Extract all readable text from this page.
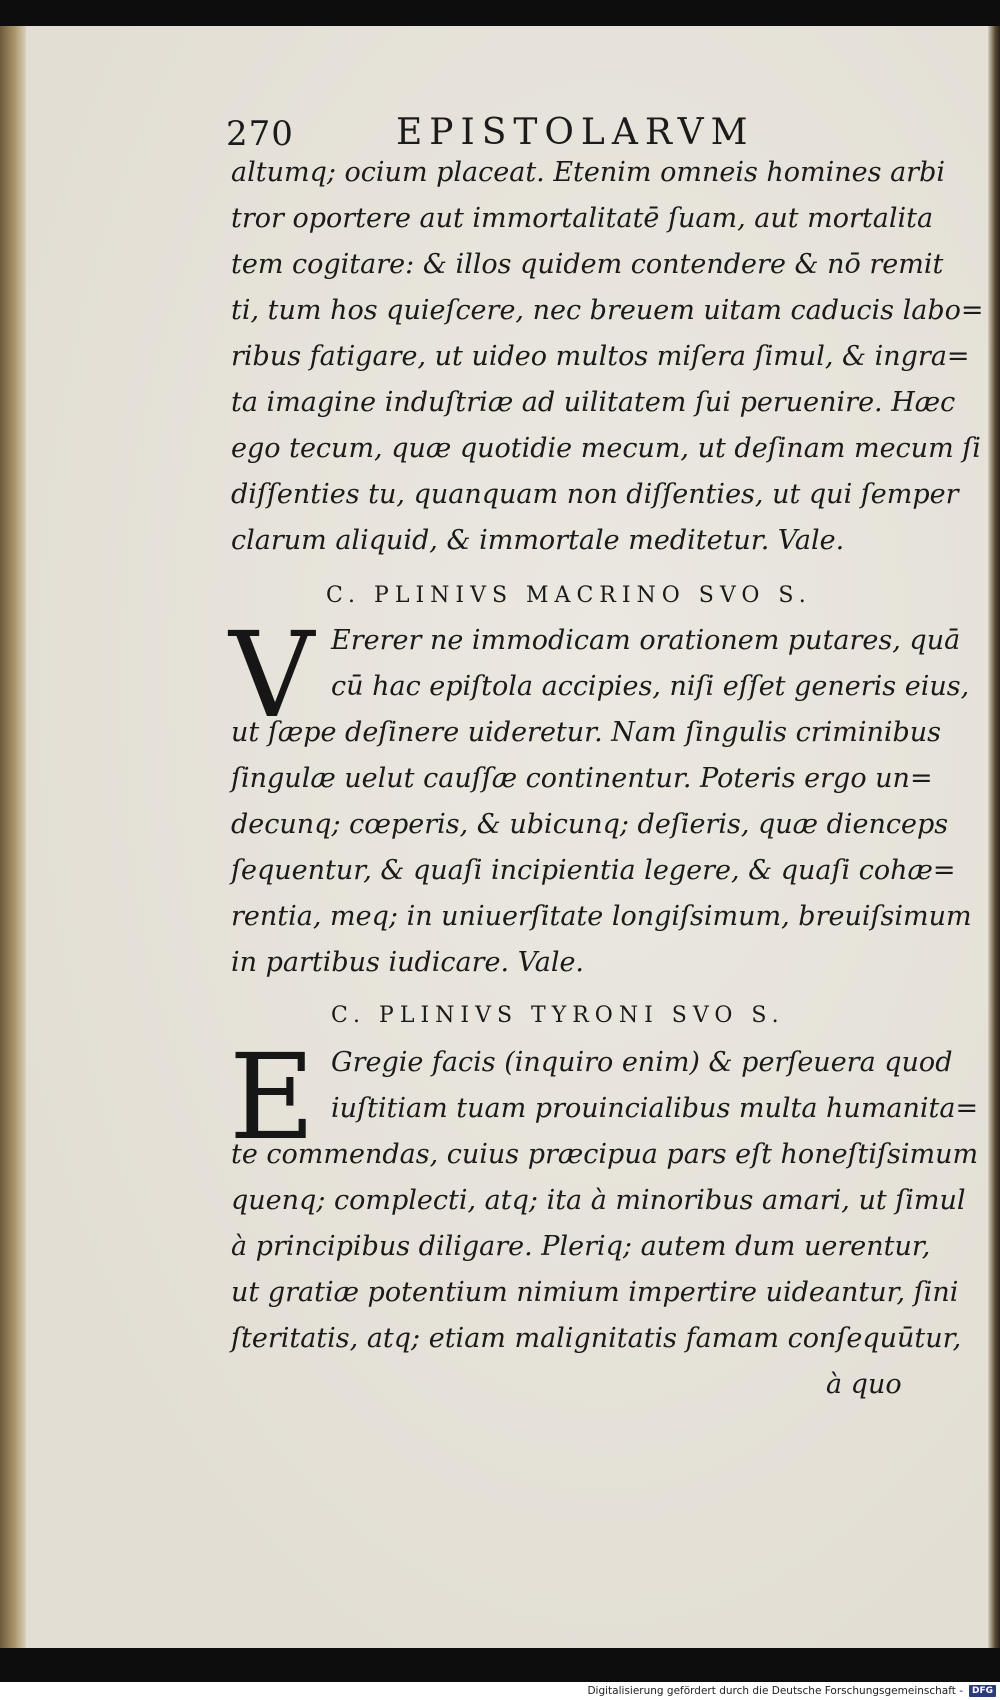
270	EPISTOLARVM
altumq; ocium placeat. Etenim omneis homines arbi
tror oportere aut immortalitatē ſuam, aut mortalita
tem cogitare: & illos quidem contendere & nō remit
ti, tum hos quieſcere, nec breuem uitam caducis labo=
ribus fatigare, ut uideo multos miſera ſimul, & ingra=
ta imagine induſtriæ ad uilitatem ſui peruenire. Hæc
ego tecum, quæ quotidie mecum, ut deſinam mecum ſi
diſſenties tu, quanquam non diſſenties, ut qui ſemper
clarum aliquid, & immortale meditetur. Vale.
C. PLINIVS MACRINO SVO S.
V Ererer ne immodicam orationem putares, quā
cū hac epiſtola accipies, niſi eſſet generis eius,
ut ſæpe deſinere uideretur. Nam ſingulis criminibus
ſingulæ uelut cauſſæ continentur. Poteris ergo un=
decunq; cœperis, & ubicunq; deſieris, quæ dienceps
ſequentur, & quaſi incipientia legere, & quaſi cohæ=
rentia, meq; in uniuerſitate longiſsimum, breuiſsimum
in partibus iudicare. Vale.
C. PLINIVS TYRONI SVO S.
E Gregie facis (inquiro enim) & perſeuera quod
iuſtitiam tuam prouincialibus multa humanita=
te commendas, cuius præcipua pars eſt honeſtiſsimum
quenq; complecti, atq; ita à minoribus amari, ut ſimul
à principibus diligare. Pleriq; autem dum uerentur,
ut gratiæ potentium nimium impertire uideantur, ſini
ſteritatis, atq; etiam malignitatis famam conſequūtur,
à quo
Digitalisierung gefördert durch die Deutsche Forschungsgemeinschaft -	DFG
